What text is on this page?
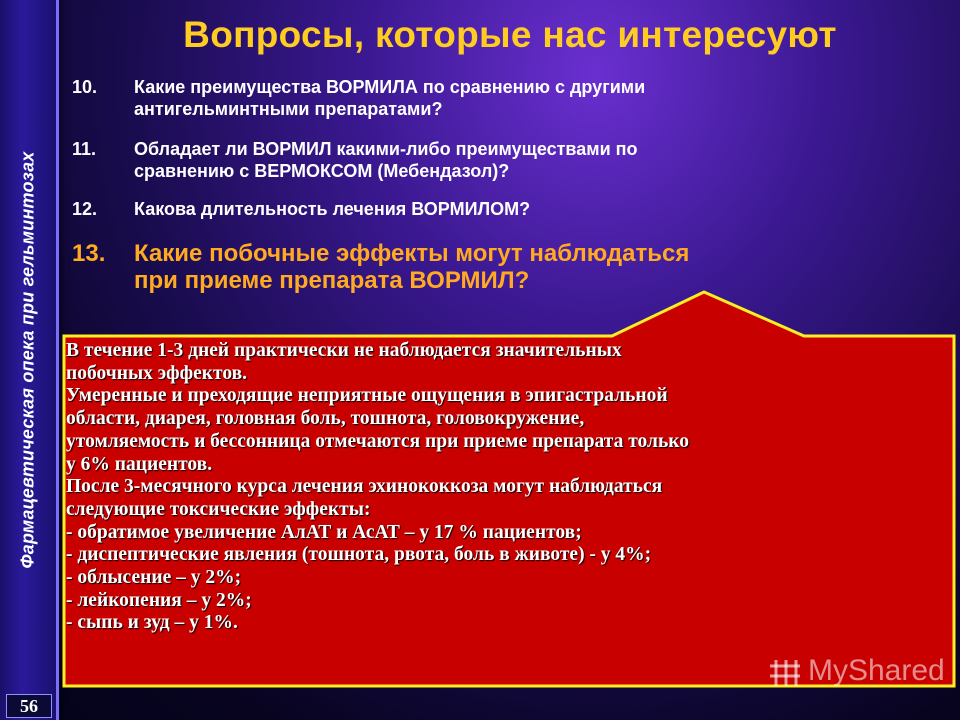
Фармацевтическая опека при гельминтозах
56
Вопросы, которые нас интересуют
10. Какие преимущества ВОРМИЛА по сравнению с другими
антигельминтными препаратами?
11. Обладает ли ВОРМИЛ какими-либо преимуществами по
сравнению с ВЕРМОКСОМ (Мебендазол)?
12. Какова длительность лечения ВОРМИЛОМ?
13. Какие побочные эффекты могут наблюдаться
при приеме препарата ВОРМИЛ?
В течение 1-3 дней практически не наблюдается значительных
побочных эффектов.
Умеренные и преходящие неприятные ощущения в эпигастральной
области, диарея, головная боль, тошнота, головокружение,
утомляемость и бессонница отмечаются при приеме препарата только
у 6% пациентов.
После 3-месячного курса лечения эхинококкоза могут наблюдаться
следующие токсические эффекты:
- обратимое увеличение АлАТ и АсАТ – у 17 % пациентов;
- диспептические явления (тошнота, рвота, боль в животе) - у 4%;
- облысение – у 2%;
- лейкопения – у 2%;
- сыпь и зуд – у 1%.
MyShared
